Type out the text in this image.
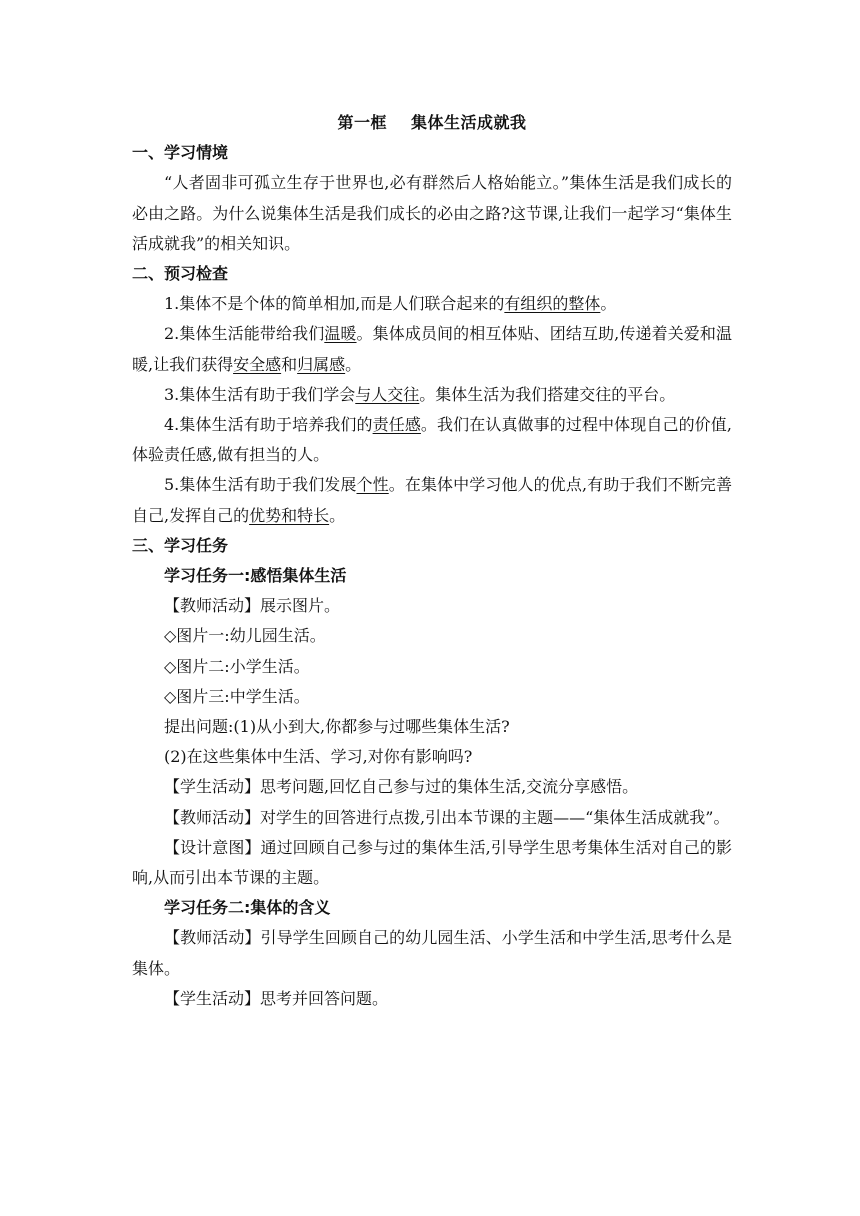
第一框 集体生活成就我
一、学习情境

“人者固非可孤立生存于世界也,必有群然后人格始能立。”集体生活是我们成长的必由之路。为什么说集体生活是我们成长的必由之路?这节课,让我们一起学习“集体生活成就我”的相关知识。

二、预习检查

1.集体不是个体的简单相加,而是人们联合起来的有组织的整体。

2.集体生活能带给我们温暖。集体成员间的相互体贴、团结互助,传递着关爱和温暖,让我们获得安全感和归属感。

3.集体生活有助于我们学会与人交往。集体生活为我们搭建交往的平台。

4.集体生活有助于培养我们的责任感。我们在认真做事的过程中体现自己的价值,体验责任感,做有担当的人。

5.集体生活有助于我们发展个性。在集体中学习他人的优点,有助于我们不断完善自己,发挥自己的优势和特长。

三、学习任务
学习任务一:感悟集体生活

【教师活动】展示图片。

◇图片一:幼儿园生活。

◇图片二:小学生活。

◇图片三:中学生活。

提出问题:(1)从小到大,你都参与过哪些集体生活?

(2)在这些集体中生活、学习,对你有影响吗?

【学生活动】思考问题,回忆自己参与过的集体生活,交流分享感悟。

【教师活动】对学生的回答进行点拨,引出本节课的主题——“集体生活成就我”。

【设计意图】通过回顾自己参与过的集体生活,引导学生思考集体生活对自己的影响,从而引出本节课的主题。

学习任务二:集体的含义

【教师活动】引导学生回顾自己的幼儿园生活、小学生活和中学生活,思考什么是集体。

【学生活动】思考并回答问题。
